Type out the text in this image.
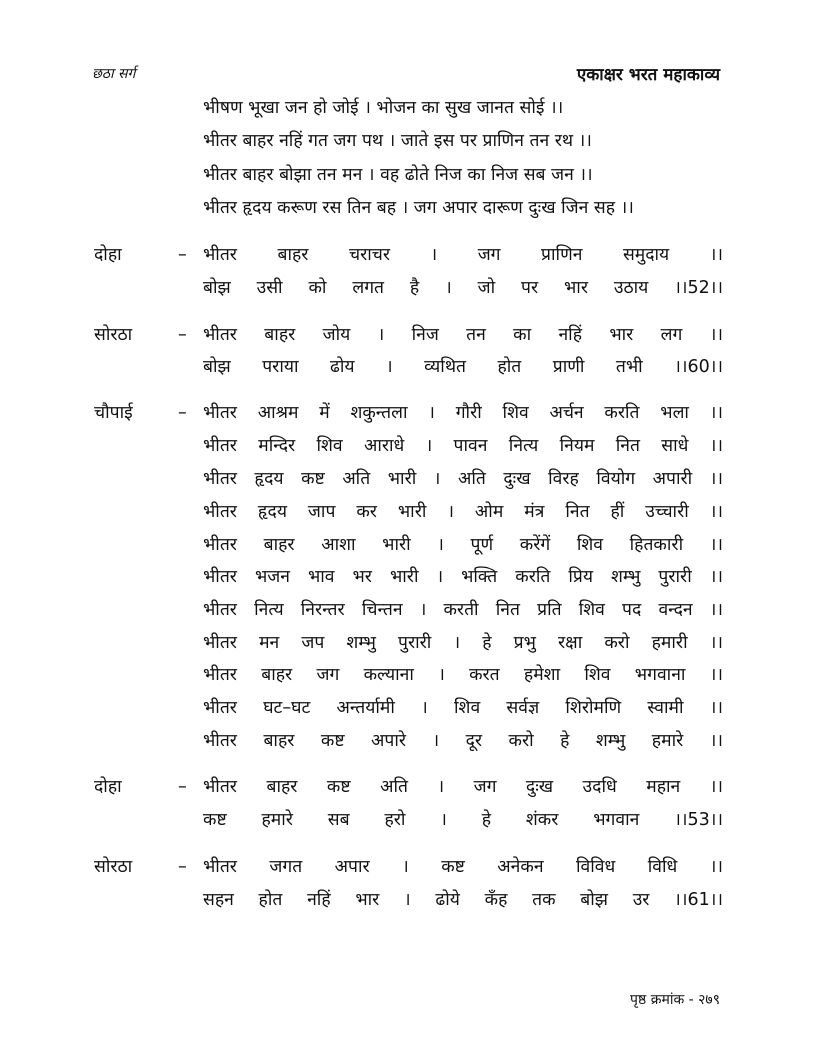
छठा सर्ग	एकाक्षर भरत महाकाव्य
भीषण भूखा जन हो जोई । भोजन का सुख जानत सोई ।।
भीतर बाहर नहिं गत जग पथ । जाते इस पर प्राणिन तन रथ ।।
भीतर बाहर बोझा तन मन । वह ढोते निज का निज सब जन ।।
भीतर हृदय करूण रस तिन बह । जग अपार दारूण दुःख जिन सह ।।
दोहा	– भीतर बाहर चराचर । जग प्राणिन समुदाय ।।
बोझ उसी को लगत है । जो पर भार उठाय ।।52।।
सोरठा	– भीतर बाहर जोय । निज तन का नहिं भार लग ।।
बोझ पराया ढोय । व्यथित होत प्राणी तभी ।।60।।
चौपाई	– भीतर आश्रम में शकुन्तला । गौरी शिव अर्चन करति भला ।।
भीतर मन्दिर शिव आराधे । पावन नित्य नियम नित साधे ।।
भीतर हृदय कष्ट अति भारी । अति दुःख विरह वियोग अपारी ।।
भीतर हृदय जाप कर भारी । ओम मंत्र नित हीं उच्चारी ।।
भीतर बाहर आशा भारी । पूर्ण करेंगें शिव हितकारी ।।
भीतर भजन भाव भर भारी । भक्ति करति प्रिय शम्भु पुरारी ।।
भीतर नित्य निरन्तर चिन्तन । करती नित प्रति शिव पद वन्दन ।।
भीतर मन जप शम्भु पुरारी । हे प्रभु रक्षा करो हमारी ।।
भीतर बाहर जग कल्याना । करत हमेशा शिव भगवाना ।।
भीतर घट–घट अन्तर्यामी । शिव सर्वज्ञ शिरोमणि स्वामी ।।
भीतर बाहर कष्ट अपारे । दूर करो हे शम्भु हमारे ।।
दोहा	– भीतर बाहर कष्ट अति । जग दुःख उदधि महान ।।
कष्ट हमारे सब हरो । हे शंकर भगवान ।।53।।
सोरठा	– भीतर जगत अपार । कष्ट अनेकन विविध विधि ।।
सहन होत नहिं भार । ढोये कँह तक बोझ उर ।।61।।
पृष्ठ क्रमांक - २७९
